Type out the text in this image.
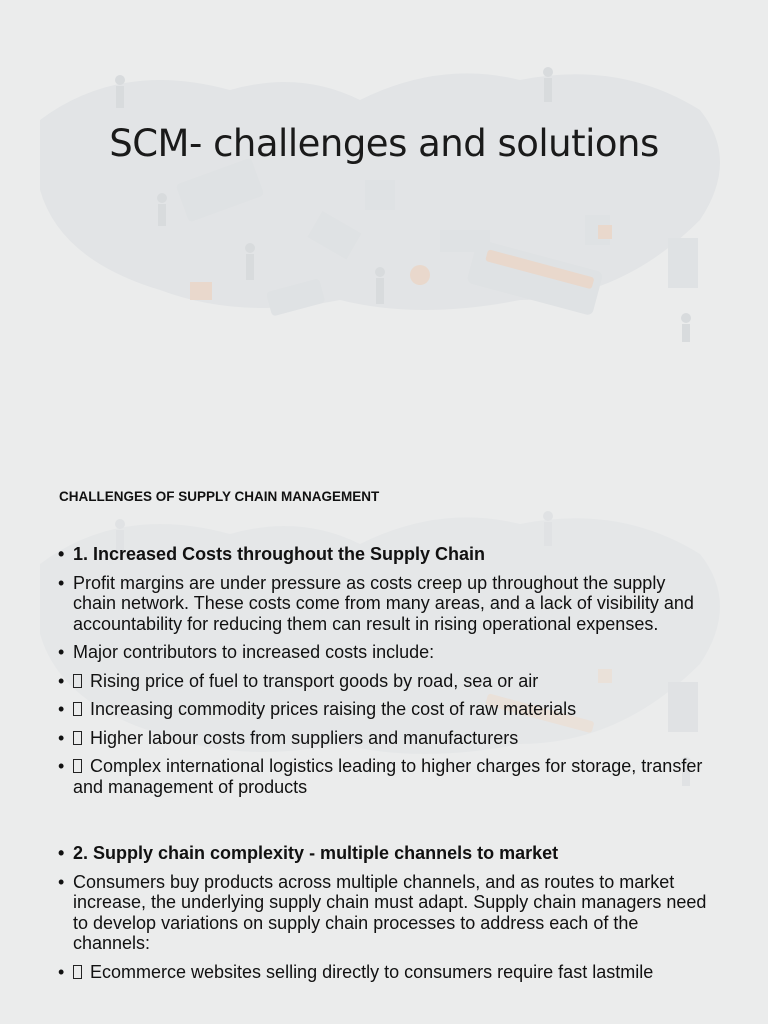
SCM- challenges and solutions
CHALLENGES OF SUPPLY CHAIN MANAGEMENT
• 1. Increased Costs throughout the Supply Chain
• Profit margins are under pressure as costs creep up throughout the supply chain network. These costs come from many areas, and a lack of visibility and accountability for reducing them can result in rising operational expenses.
• Major contributors to increased costs include:
•	Rising price of fuel to transport goods by road, sea or air
•	Increasing commodity prices raising the cost of raw materials
•	Higher labour costs from suppliers and manufacturers
•	Complex international logistics leading to higher charges for storage, transfer and management of products
• 2. Supply chain complexity - multiple channels to market
• Consumers buy products across multiple channels, and as routes to market increase, the underlying supply chain must adapt. Supply chain managers need to develop variations on supply chain processes to address each of the channels:
•	Ecommerce websites selling directly to consumers require fast lastmile
